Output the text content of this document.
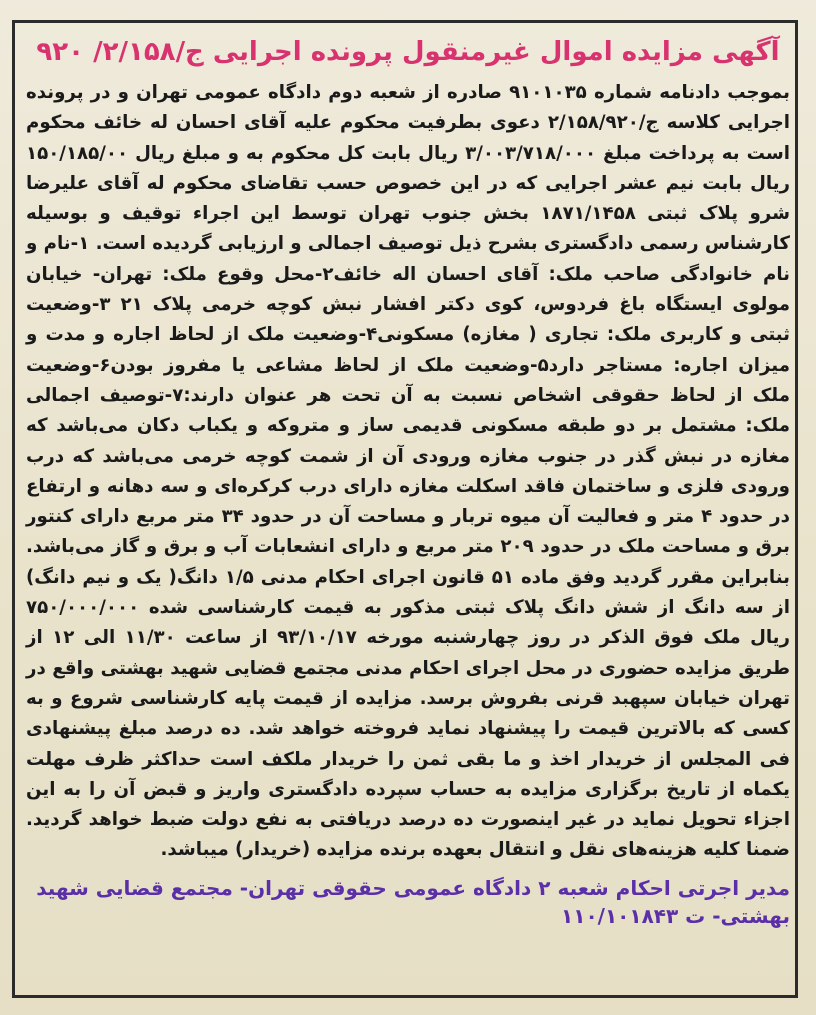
آگهی مزایده اموال غیرمنقول پرونده اجرایی ج/۲/۱۵۸/ ۹۲۰

بموجب دادنامه شماره ۹۱۰۱۰۳۵ صادره از شعبه دوم دادگاه عمومی تهران و در پرونده اجرایی کلاسه ج/۲/۱۵۸/۹۲۰ دعوی بطرفیت محکوم علیه آقای احسان له خائف محکوم است به پرداخت مبلغ ۳/۰۰۳/۷۱۸/۰۰۰ ریال بابت کل محکوم به و مبلغ ریال ۱۵۰/۱۸۵/۰۰ ریال بابت نیم عشر اجرایی که در این خصوص حسب تقاضای محکوم له آقای علیرضا شرو پلاک ثبتی ۱۸۷۱/۱۴۵۸ بخش جنوب تهران توسط این اجراء توقیف و بوسیله کارشناس رسمی دادگستری بشرح ذیل توصیف اجمالی و ارزیابی گردیده است. ۱-نام و نام خانوادگی صاحب ملک: آقای احسان اله خائف۲-محل وقوع ملک: تهران- خیابان مولوی ایستگاه باغ فردوس، کوی دکتر افشار نبش کوچه خرمی پلاک ۲۱ ۳-وضعیت ثبتی و کاربری ملک: تجاری ( مغازه) مسکونی۴-وضعیت ملک از لحاظ اجاره و مدت و میزان اجاره: مستاجر دارد۵-وضعیت ملک از لحاظ مشاعی یا مفروز بودن۶-وضعیت ملک از لحاظ حقوقی اشخاص نسبت به آن تحت هر عنوان دارند:۷-توصیف اجمالی ملک: مشتمل بر دو طبقه مسکونی قدیمی ساز و متروکه و یکباب دکان می‌باشد که مغازه در نبش گذر در جنوب مغازه ورودی آن از شمت کوچه خرمی می‌باشد که درب ورودی فلزی و ساختمان فاقد اسکلت مغازه دارای درب کرکره‌ای و سه دهانه و ارتفاع در حدود ۴ متر و فعالیت آن میوه تربار و مساحت آن در حدود ۳۴ متر مربع دارای کنتور برق و مساحت ملک در حدود ۲۰۹ متر مربع و دارای انشعابات آب و برق و گاز می‌باشد. بنابراین مقرر گردید وفق ماده ۵۱ قانون اجرای احکام مدنی ۱/۵ دانگ( یک و نیم دانگ) از سه دانگ از شش دانگ پلاک ثبتی مذکور به قیمت کارشناسی شده ۷۵۰/۰۰۰/۰۰۰ ریال ملک فوق الذکر در روز چهارشنبه مورخه ۹۳/۱۰/۱۷ از ساعت ۱۱/۳۰ الی ۱۲ از طریق مزایده حضوری در محل اجرای احکام مدنی مجتمع قضایی شهید بهشتی واقع در تهران خیابان سپهبد قرنی بفروش برسد. مزایده از قیمت پایه کارشناسی شروع و به کسی که بالاترین قیمت را پیشنهاد نماید فروخته خواهد شد. ده درصد مبلغ پیشنهادی فی المجلس از خریدار اخذ و ما بقی ثمن را خریدار ملکف است حداکثر ظرف مهلت یکماه از تاریخ برگزاری مزایده به حساب سپرده دادگستری واریز و قبض آن را به این اجزاء تحویل نماید در غیر اینصورت ده درصد دریافتی به نفع دولت ضبط خواهد گردید. ضمنا کلیه هزینه‌های نقل و انتقال بعهده برنده مزایده (خریدار) میباشد.

مدیر اجرتی احکام شعبه ۲ دادگاه عمومی حقوقی تهران- مجتمع قضایی شهید بهشتی- ت ۱۱۰/۱۰۱۸۴۳
